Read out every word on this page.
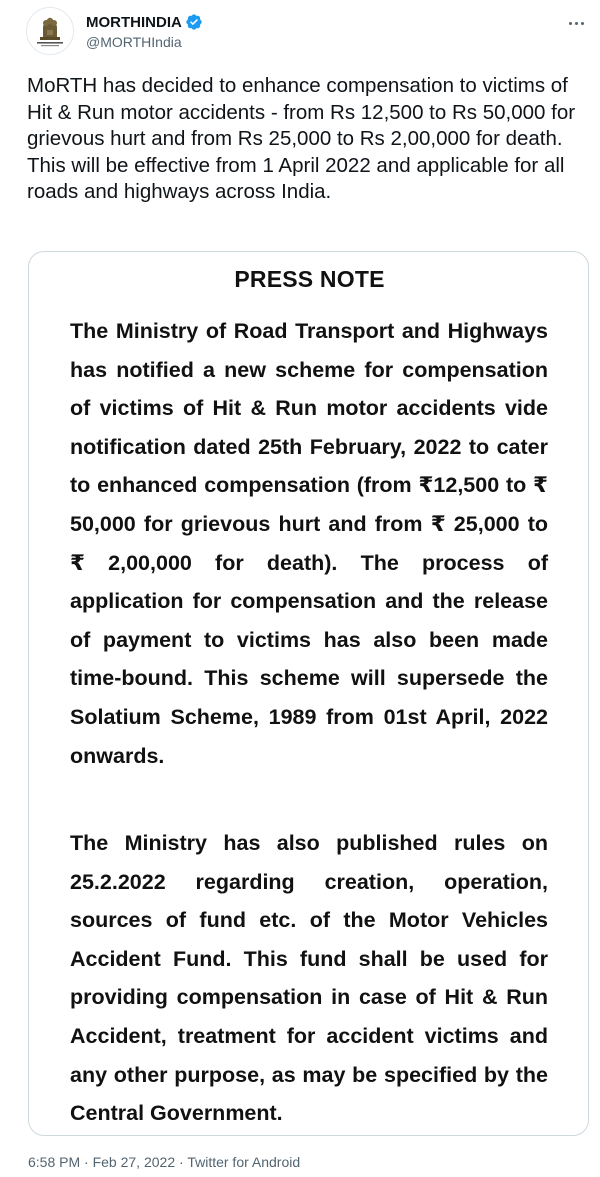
MORTHINDIA
@MORTHIndia

MoRTH has decided to enhance compensation to victims of Hit & Run motor accidents - from Rs 12,500 to Rs 50,000 for grievous hurt and from Rs 25,000 to Rs 2,00,000 for death. This will be effective from 1 April 2022 and applicable for all roads and highways across India.

PRESS NOTE

The Ministry of Road Transport and Highways has notified a new scheme for compensation of victims of Hit & Run motor accidents vide notification dated 25th February, 2022 to cater to enhanced compensation (from ₹12,500 to ₹ 50,000 for grievous hurt and from ₹ 25,000 to ₹ 2,00,000 for death). The process of application for compensation and the release of payment to victims has also been made time-bound. This scheme will supersede the Solatium Scheme, 1989 from 01st April, 2022 onwards.

The Ministry has also published rules on 25.2.2022 regarding creation, operation, sources of fund etc. of the Motor Vehicles Accident Fund. This fund shall be used for providing compensation in case of Hit & Run Accident, treatment for accident victims and any other purpose, as may be specified by the Central Government.

6:58 PM · Feb 27, 2022 · Twitter for Android
